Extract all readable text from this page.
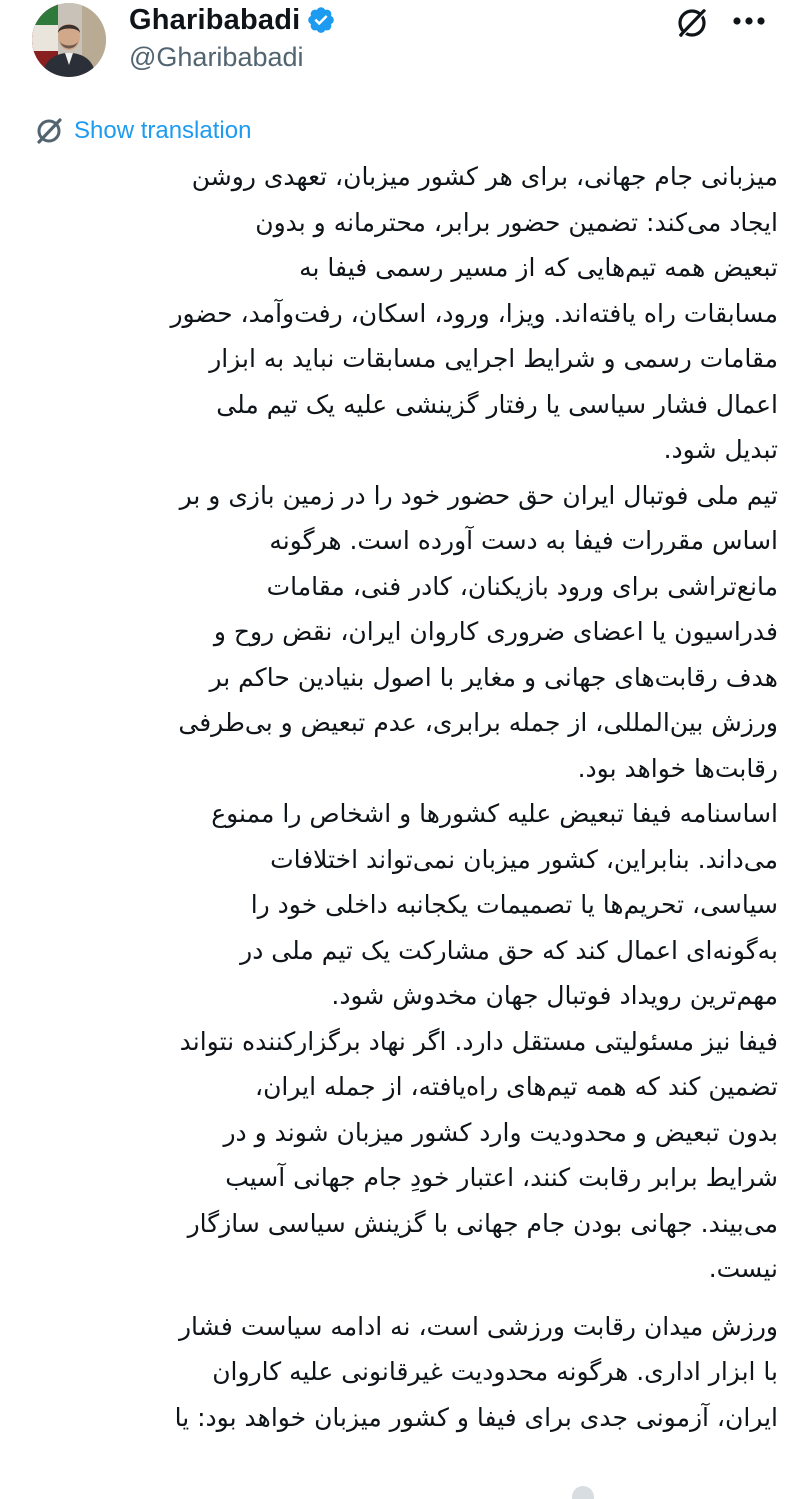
Gharibabadi
@Gharibabadi
Show translation
میزبانی جام جهانی، برای هر کشور میزبان، تعهدی روشن
ایجاد می‌کند: تضمین حضور برابر، محترمانه و بدون
تبعیض همه تیم‌هایی که از مسیر رسمی فیفا به
مسابقات راه یافته‌اند. ویزا، ورود، اسکان، رفت‌وآمد، حضور
مقامات رسمی و شرایط اجرایی مسابقات نباید به ابزار
اعمال فشار سیاسی یا رفتار گزینشی علیه یک تیم ملی
تبدیل شود.
تیم ملی فوتبال ایران حق حضور خود را در زمین بازی و بر
اساس مقررات فیفا به دست آورده است. هرگونه
مانع‌تراشی برای ورود بازیکنان، کادر فنی، مقامات
فدراسیون یا اعضای ضروری کاروان ایران، نقض روح و
هدف رقابت‌های جهانی و مغایر با اصول بنیادین حاکم بر
ورزش بین‌المللی، از جمله برابری، عدم تبعیض و بی‌طرفی
رقابت‌ها خواهد بود.
اساسنامه فیفا تبعیض علیه کشورها و اشخاص را ممنوع
می‌داند. بنابراین، کشور میزبان نمی‌تواند اختلافات
سیاسی، تحریم‌ها یا تصمیمات یکجانبه داخلی خود را
به‌گونه‌ای اعمال کند که حق مشارکت یک تیم ملی در
مهم‌ترین رویداد فوتبال جهان مخدوش شود.
فیفا نیز مسئولیتی مستقل دارد. اگر نهاد برگزارکننده نتواند
تضمین کند که همه تیم‌های راه‌یافته، از جمله ایران،
بدون تبعیض و محدودیت وارد کشور میزبان شوند و در
شرایط برابر رقابت کنند، اعتبار خودِ جام جهانی آسیب
می‌بیند. جهانی بودن جام جهانی با گزینش سیاسی سازگار
نیست.
ورزش میدان رقابت ورزشی است، نه ادامه سیاست فشار
با ابزار اداری. هرگونه محدودیت غیرقانونی علیه کاروان
ایران، آزمونی جدی برای فیفا و کشور میزبان خواهد بود: یا
